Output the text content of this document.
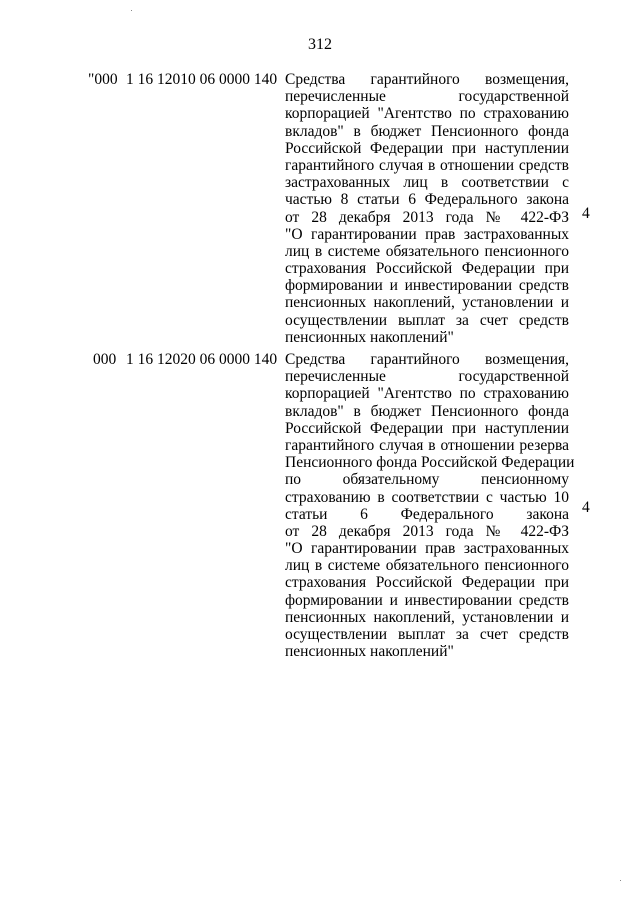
312
"000 1 16 12010 06 0000 140 Средства гарантийного возмещения,
перечисленные государственной
корпорацией "Агентство по страхованию
вкладов" в бюджет Пенсионного фонда
Российской Федерации при наступлении
гарантийного случая в отношении средств
застрахованных лиц в соответствии с
частью 8 статьи 6 Федерального закона
от 28 декабря 2013 года № 422-ФЗ
"О гарантировании прав застрахованных
лиц в системе обязательного пенсионного
страхования Российской Федерации при
формировании и инвестировании средств
пенсионных накоплений, установлении и
осуществлении выплат за счет средств
пенсионных накоплений"
4
000 1 16 12020 06 0000 140 Средства гарантийного возмещения,
перечисленные государственной
корпорацией "Агентство по страхованию
вкладов" в бюджет Пенсионного фонда
Российской Федерации при наступлении
гарантийного случая в отношении резерва
Пенсионного фонда Российской Федерации
по обязательному пенсионному
страхованию в соответствии с частью 10
статьи 6 Федерального закона
от 28 декабря 2013 года № 422-ФЗ
"О гарантировании прав застрахованных
лиц в системе обязательного пенсионного
страхования Российской Федерации при
формировании и инвестировании средств
пенсионных накоплений, установлении и
осуществлении выплат за счет средств
пенсионных накоплений"
4
